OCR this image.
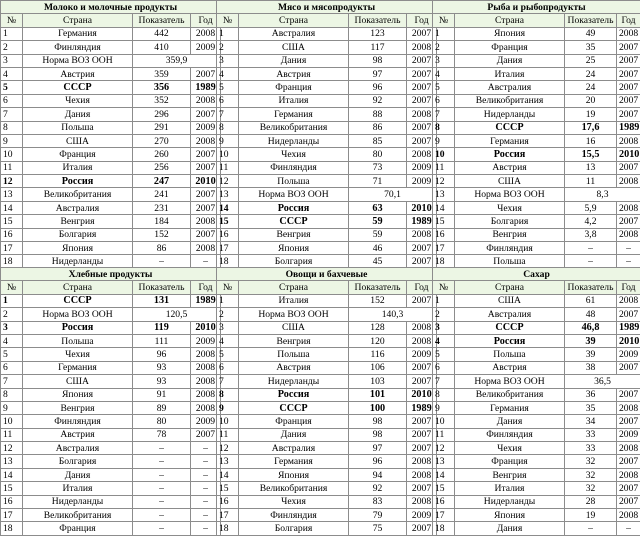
Молоко и молочные продукты			
№	Страна	Показатель	Год
1	Германия	442	2008
2	Финляндия	410	2009
3	Норма ВОЗ ООН	359,9	
4	Австрия	359	2007
5	СССР	356	1989
6	Чехия	352	2008
7	Дания	296	2007
8	Польша	291	2009
9	США	270	2008
10	Франция	260	2007
11	Италия	256	2007
12	Россия	247	2010
13	Великобритания	241	2007
14	Австралия	231	2007
15	Венгрия	184	2008
16	Болгария	152	2007
17	Япония	86	2008
18	Нидерланды	–	–
Мясо и мясопродукты			
№	Страна	Показатель	Год
1	Австралия	123	2007
2	США	117	2008
3	Дания	98	2007
4	Австрия	97	2007
5	Франция	96	2007
6	Италия	92	2007
7	Германия	88	2008
8	Великобритания	86	2007
9	Нидерланды	85	2007
10	Чехия	80	2008
11	Финляндия	73	2009
12	Польша	71	2009
13	Норма ВОЗ ООН	70,1	
14	Россия	63	2010
15	СССР	59	1989
16	Венгрия	59	2008
17	Япония	46	2007
18	Болгария	45	2007
Рыба и рыбопродукты			
№	Страна	Показатель	Год
1	Япония	49	2008
2	Франция	35	2007
3	Дания	25	2007
4	Италия	24	2007
5	Австралия	24	2007
6	Великобритания	20	2007
7	Нидерланды	19	2007
8	СССР	17,6	1989
9	Германия	16	2008
10	Россия	15,5	2010
11	Австрия	13	2007
12	США	11	2008
13	Норма ВОЗ ООН	8,3	
14	Чехия	5,9	2008
15	Болгария	4,2	2007
16	Венгрия	3,8	2008
17	Финляндия	–	–
18	Польша	–	–
Хлебные продукты			
№	Страна	Показатель	Год
1	СССР	131	1989
2	Норма ВОЗ ООН	120,5	
3	Россия	119	2010
4	Польша	111	2009
5	Чехия	96	2008
6	Германия	93	2008
7	США	93	2008
8	Япония	91	2008
9	Венгрия	89	2008
10	Финляндия	80	2009
11	Австрия	78	2007
12	Австралия	–	–
13	Болгария	–	–
14	Дания	–	–
15	Италия	–	–
16	Нидерланды	–	–
17	Великобритания	–	–
18	Франция	–	–
Овощи и бахчевые			
№	Страна	Показатель	Год
1	Италия	152	2007
2	Норма ВОЗ ООН	140,3	
3	США	128	2008
4	Венгрия	120	2008
5	Польша	116	2009
6	Австрия	106	2007
7	Нидерланды	103	2007
8	Россия	101	2010
9	СССР	100	1989
10	Франция	98	2007
11	Дания	98	2007
12	Австралия	97	2007
13	Германия	96	2008
14	Япония	94	2008
15	Великобритания	92	2007
16	Чехия	83	2008
17	Финляндия	79	2009
18	Болгария	75	2007
Сахар			
№	Страна	Показатель	Год
1	США	61	2008
2	Австралия	48	2007
3	СССР	46,8	1989
4	Россия	39	2010
5	Польша	39	2009
6	Австрия	38	2007
7	Норма ВОЗ ООН	36,5	
8	Великобритания	36	2007
9	Германия	35	2008
10	Дания	34	2007
11	Финляндия	33	2009
12	Чехия	33	2008
13	Франция	32	2007
14	Венгрия	32	2008
15	Италия	32	2007
16	Нидерланды	28	2007
17	Япония	19	2008
18	Дания	–	–
